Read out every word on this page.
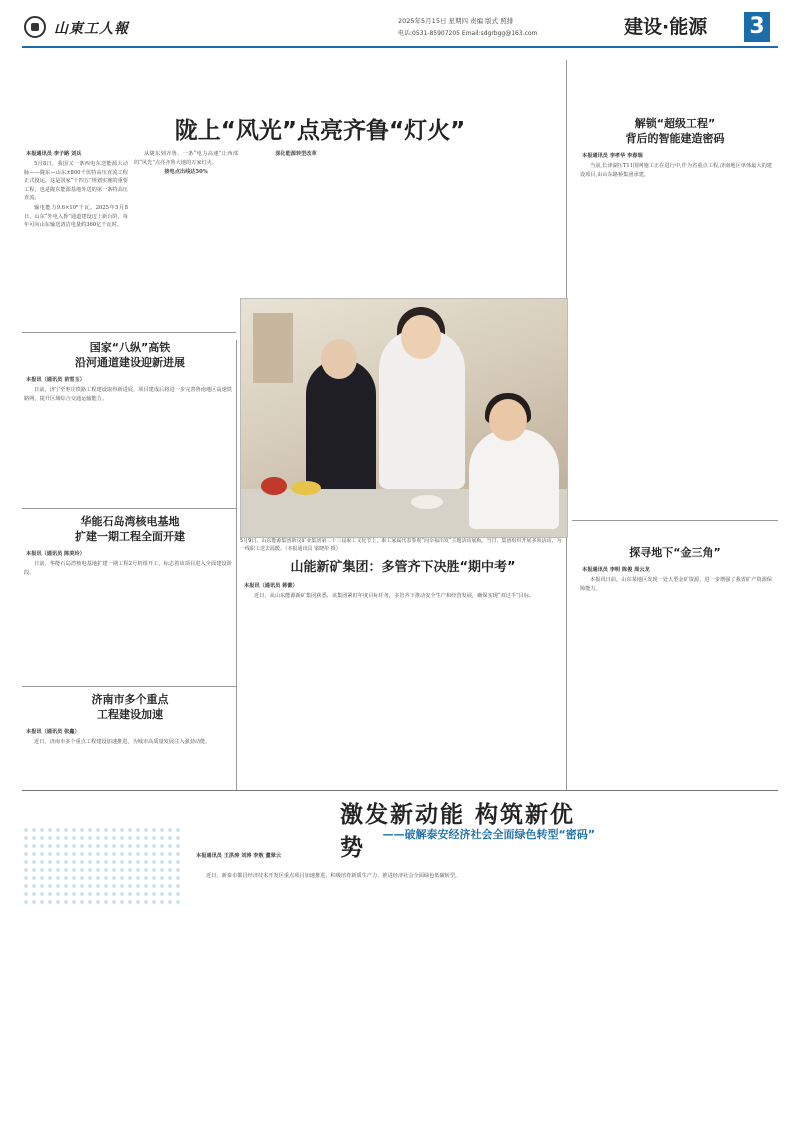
山東工人報	2025年5月15日 星期四 责编 版式 照排
电话:0531-85907205 Email:sdgrbgg@163.com	建设·能源	3
陇上“风光”点亮齐鲁“灯火”
本报通讯员 李子路 刘兵

5月8日，我国又一条西电东送能源大动脉——陇东—山东±800千伏特高压直流工程正式投运。这是国家“十四五”规划实施的重要工程，也是陇东能源基地外送的第一条特高压直流。

输电能力9.6×10⁶千瓦。2025年5月8日，山东“外电入鲁”通道建设迈上新台阶，每年可向山东输送清洁电量约360亿千瓦时。

从陇东到齐鲁，一条“电力高速”让西部的“风光”点亮齐鲁大地的万家灯火。

接电点出线达50%

深化能源转型改革

国家“八纵”高铁
沿河通道建设迎新进展
本报讯（通讯员 苗雪玉）
日前，济宁至枣庄铁路工程建设取得新进展。项目建成后将进一步完善鲁南地区高速铁路网，提升区域综合交通运输能力。
华能石岛湾核电基地
扩建一期工程全面开建
本报讯（通讯员 陈美玲）
日前，华能石岛湾核电基地扩建一期工程2号机组开工，标志着该项目进入全面建设阶段。
济南市多个重点
工程建设加速
本报讯（通讯员 张鑫）
近日，济南市多个重点工程建设加速推进，为城市高质量发展注入强劲动能。
5月9日，山东能源集团新汶矿业集团第二十三届职工文化节上，职工家属代表参观“向幸福出发”主题活动展板。当日，集团组织开展多项活动，为一线职工送去温暖。（本报通讯员 梁晓彤 摄）
山能新矿集团：多管齐下决胜“期中考”
本报讯（通讯员 蒋蕾）
近日，从山东能源新矿集团获悉，该集团紧盯年度目标任务，多管齐下推动安全生产和经营发展，确保实现“双过半”目标。
解锁“超级工程”
背后的智能建造密码
本报通讯员 李孝华 李春瑞
当前,长津湖压T11围网施工正在进行中,作为省重点工程,济南地区单体最大的建设项目,由山东路桥集团承建。
探寻地下“金三角”
本报通讯员 李明 陈俊 周云龙
本报讯日前，山东某地区发现一处大型金矿资源，进一步增强了我省矿产资源保障能力。
激发新动能 构筑新优势
——破解泰安经济社会全面绿色转型“密码”
本报通讯员 王洪涛 刘涛 李敖 董翠云
近日，新泰市都昌经济技术开发区重点项目加速推进，积极培育新质生产力，推进经济社会全面绿色低碳转型。
